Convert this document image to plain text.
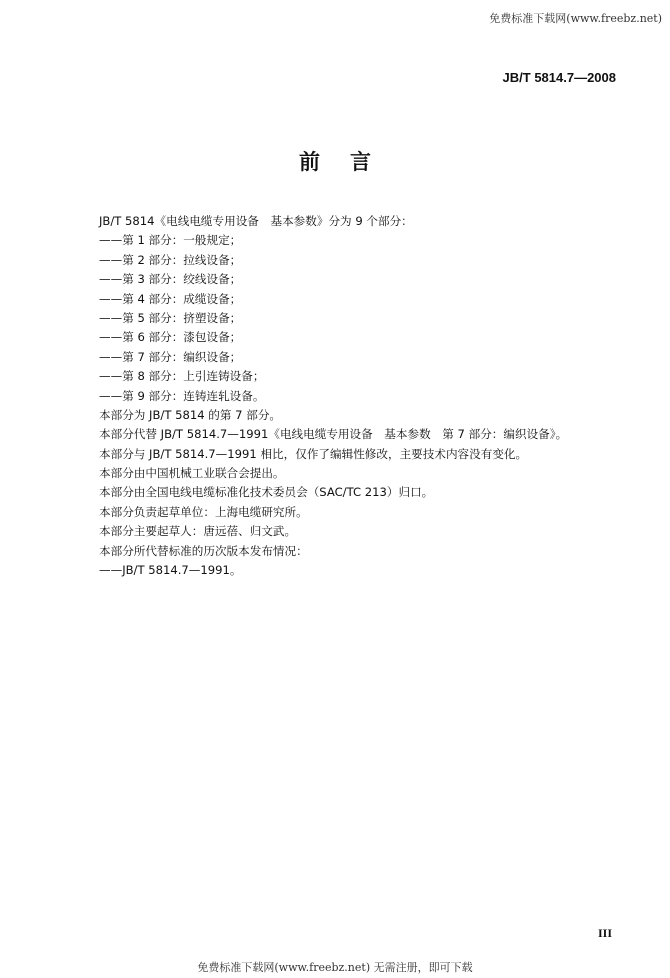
免费标准下载网(www.freebz.net)
JB/T 5814.7—2008
前言
JB/T 5814《电线电缆专用设备　基本参数》分为 9 个部分：
——第 1 部分：一般规定；
——第 2 部分：拉线设备；
——第 3 部分：绞线设备；
——第 4 部分：成缆设备；
——第 5 部分：挤塑设备；
——第 6 部分：漆包设备；
——第 7 部分：编织设备；
——第 8 部分：上引连铸设备；
——第 9 部分：连铸连轧设备。
本部分为 JB/T 5814 的第 7 部分。
本部分代替 JB/T 5814.7—1991《电线电缆专用设备　基本参数　第 7 部分：编织设备》。
本部分与 JB/T 5814.7—1991 相比，仅作了编辑性修改，主要技术内容没有变化。
本部分由中国机械工业联合会提出。
本部分由全国电线电缆标准化技术委员会（SAC/TC 213）归口。
本部分负责起草单位：上海电缆研究所。
本部分主要起草人：唐远蓓、归文武。
本部分所代替标准的历次版本发布情况：
——JB/T 5814.7—1991。
III
免费标准下载网(www.freebz.net) 无需注册，即可下载
